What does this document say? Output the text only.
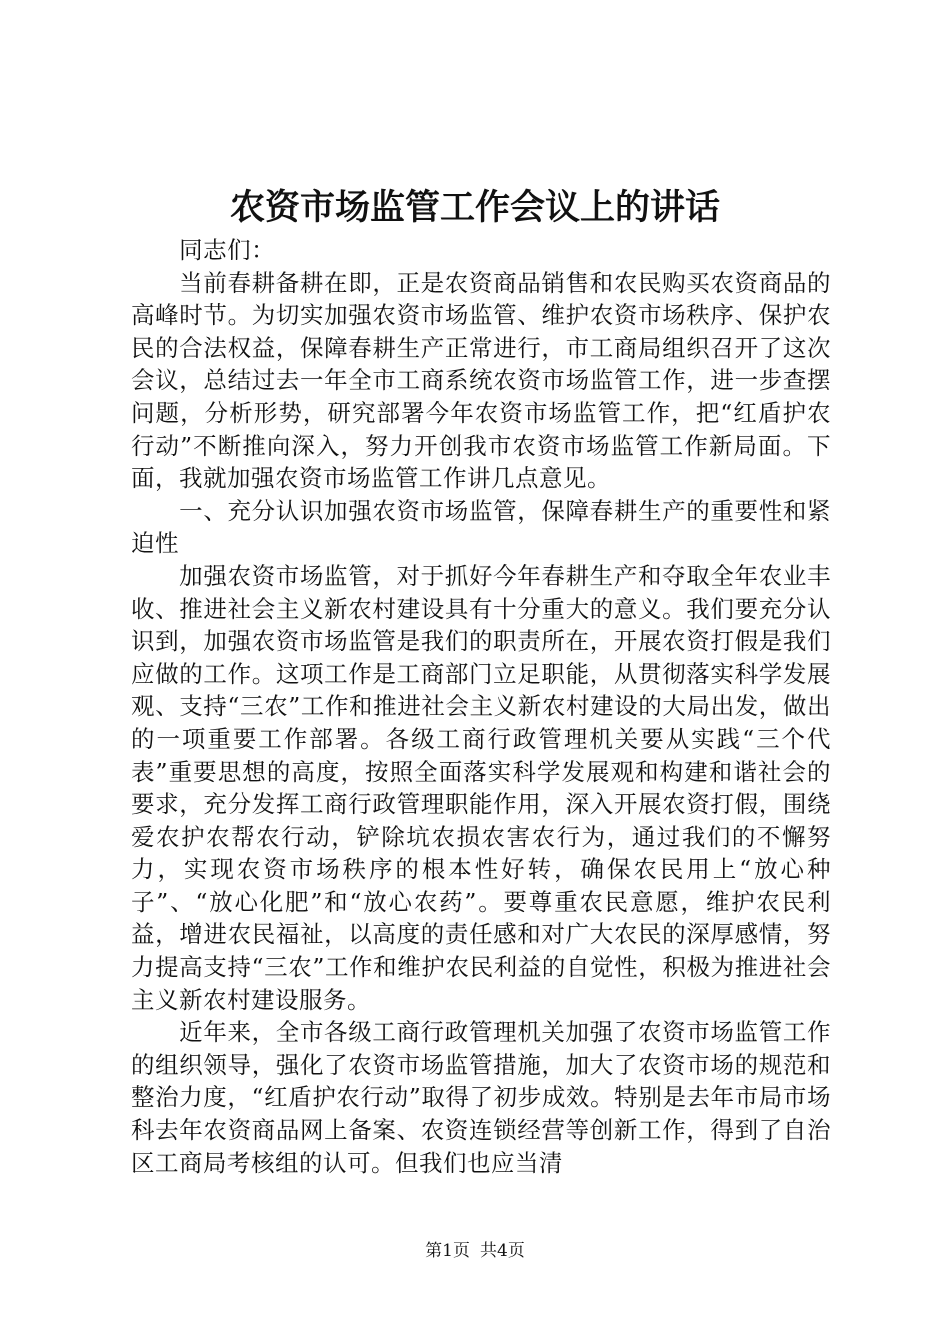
农资市场监管工作会议上的讲话

同志们：

当前春耕备耕在即，正是农资商品销售和农民购买农资商品的高峰时节。为切实加强农资市场监管、维护农资市场秩序、保护农民的合法权益，保障春耕生产正常进行，市工商局组织召开了这次会议，总结过去一年全市工商系统农资市场监管工作，进一步查摆问题，分析形势，研究部署今年农资市场监管工作，把“红盾护农行动”不断推向深入，努力开创我市农资市场监管工作新局面。下面，我就加强农资市场监管工作讲几点意见。

一、充分认识加强农资市场监管，保障春耕生产的重要性和紧迫性

加强农资市场监管，对于抓好今年春耕生产和夺取全年农业丰收、推进社会主义新农村建设具有十分重大的意义。我们要充分认识到，加强农资市场监管是我们的职责所在，开展农资打假是我们应做的工作。这项工作是工商部门立足职能，从贯彻落实科学发展观、支持“三农”工作和推进社会主义新农村建设的大局出发，做出的一项重要工作部署。各级工商行政管理机关要从实践“三个代表”重要思想的高度，按照全面落实科学发展观和构建和谐社会的要求，充分发挥工商行政管理职能作用，深入开展农资打假，围绕爱农护农帮农行动，铲除坑农损农害农行为，通过我们的不懈努力，实现农资市场秩序的根本性好转，确保农民用上“放心种子”、“放心化肥”和“放心农药”。要尊重农民意愿，维护农民利益，增进农民福祉，以高度的责任感和对广大农民的深厚感情，努力提高支持“三农”工作和维护农民利益的自觉性，积极为推进社会主义新农村建设服务。

近年来，全市各级工商行政管理机关加强了农资市场监管工作的组织领导，强化了农资市场监管措施，加大了农资市场的规范和整治力度，“红盾护农行动”取得了初步成效。特别是去年市局市场科去年农资商品网上备案、农资连锁经营等创新工作，得到了自治区工商局考核组的认可。但我们也应当清

第1页 共4页
